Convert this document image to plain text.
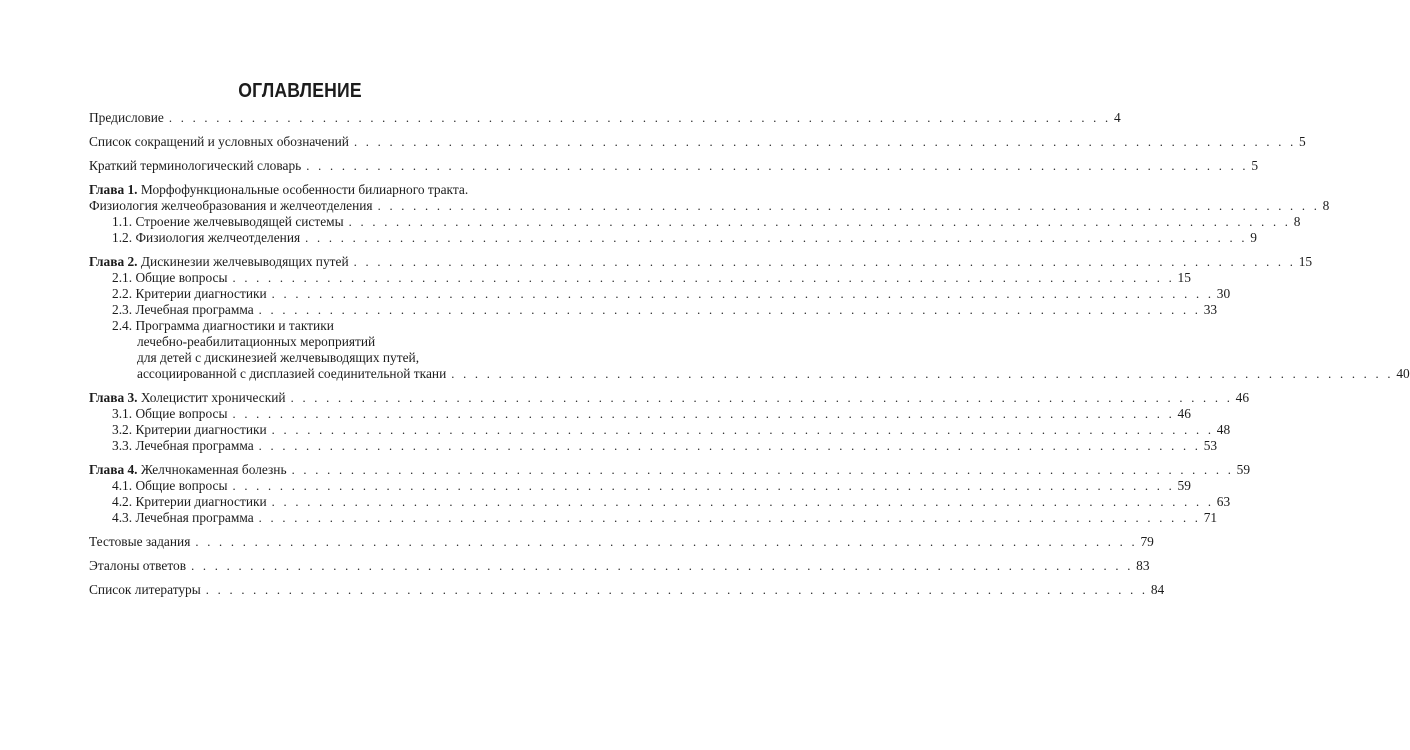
ОГЛАВЛЕНИЕ
Предисловие . . . . . . . . . . . . . . . . . . . . . . . . . . . . . . . . . . . . . . . . . . . . . . . . . . . . . . . . . . . . . . . . . . . . . . . . . . . . . . . . 4
Список сокращений и условных обозначений . . . . . . . . . . . . . . . . . . . . . . . . . . . . . . . . . . . . . . . . . . . . . . . . . . . . . . . . . . . . . . . . . . . . . . . . . . . . . . . . 5
Краткий терминологический словарь . . . . . . . . . . . . . . . . . . . . . . . . . . . . . . . . . . . . . . . . . . . . . . . . . . . . . . . . . . . . . . . . . . . . . . . . . . . . . . . . 5
Глава 1. Морфофункциональные особенности билиарного тракта.
Физиология желчеобразования и желчеотделения . . . . . . . . . . . . . . . . . . . . . . . . . . . . . . . . . . . . . . . . . . . . . . . . . . . . . . . . . . . . . . . . . . . . . . . . . . . . . . . . 8
1.1. Строение желчевыводящей системы . . . . . . . . . . . . . . . . . . . . . . . . . . . . . . . . . . . . . . . . . . . . . . . . . . . . . . . . . . . . . . . . . . . . . . . . . . . . . . . . 8
1.2. Физиология желчеотделения . . . . . . . . . . . . . . . . . . . . . . . . . . . . . . . . . . . . . . . . . . . . . . . . . . . . . . . . . . . . . . . . . . . . . . . . . . . . . . . . 9
Глава 2. Дискинезии желчевыводящих путей . . . . . . . . . . . . . . . . . . . . . . . . . . . . . . . . . . . . . . . . . . . . . . . . . . . . . . . . . . . . . . . . . . . . . . . . . . . . . . . . 15
2.1. Общие вопросы . . . . . . . . . . . . . . . . . . . . . . . . . . . . . . . . . . . . . . . . . . . . . . . . . . . . . . . . . . . . . . . . . . . . . . . . . . . . . . . . 15
2.2. Критерии диагностики . . . . . . . . . . . . . . . . . . . . . . . . . . . . . . . . . . . . . . . . . . . . . . . . . . . . . . . . . . . . . . . . . . . . . . . . . . . . . . . . 30
2.3. Лечебная программа . . . . . . . . . . . . . . . . . . . . . . . . . . . . . . . . . . . . . . . . . . . . . . . . . . . . . . . . . . . . . . . . . . . . . . . . . . . . . . . . 33
2.4. Программа диагностики и тактики
лечебно-реабилитационных мероприятий
для детей с дискинезией желчевыводящих путей,
ассоциированной с дисплазией соединительной ткани . . . . . . . . . . . . . . . . . . . . . . . . . . . . . . . . . . . . . . . . . . . . . . . . . . . . . . . . . . . . . . . . . . . . . . . . . . . . . . . . 40
Глава 3. Холецистит хронический . . . . . . . . . . . . . . . . . . . . . . . . . . . . . . . . . . . . . . . . . . . . . . . . . . . . . . . . . . . . . . . . . . . . . . . . . . . . . . . . 46
3.1. Общие вопросы . . . . . . . . . . . . . . . . . . . . . . . . . . . . . . . . . . . . . . . . . . . . . . . . . . . . . . . . . . . . . . . . . . . . . . . . . . . . . . . . 46
3.2. Критерии диагностики . . . . . . . . . . . . . . . . . . . . . . . . . . . . . . . . . . . . . . . . . . . . . . . . . . . . . . . . . . . . . . . . . . . . . . . . . . . . . . . . 48
3.3. Лечебная программа . . . . . . . . . . . . . . . . . . . . . . . . . . . . . . . . . . . . . . . . . . . . . . . . . . . . . . . . . . . . . . . . . . . . . . . . . . . . . . . . 53
Глава 4. Желчнокаменная болезнь . . . . . . . . . . . . . . . . . . . . . . . . . . . . . . . . . . . . . . . . . . . . . . . . . . . . . . . . . . . . . . . . . . . . . . . . . . . . . . . . 59
4.1. Общие вопросы . . . . . . . . . . . . . . . . . . . . . . . . . . . . . . . . . . . . . . . . . . . . . . . . . . . . . . . . . . . . . . . . . . . . . . . . . . . . . . . . 59
4.2. Критерии диагностики . . . . . . . . . . . . . . . . . . . . . . . . . . . . . . . . . . . . . . . . . . . . . . . . . . . . . . . . . . . . . . . . . . . . . . . . . . . . . . . . 63
4.3. Лечебная программа . . . . . . . . . . . . . . . . . . . . . . . . . . . . . . . . . . . . . . . . . . . . . . . . . . . . . . . . . . . . . . . . . . . . . . . . . . . . . . . . 71
Тестовые задания . . . . . . . . . . . . . . . . . . . . . . . . . . . . . . . . . . . . . . . . . . . . . . . . . . . . . . . . . . . . . . . . . . . . . . . . . . . . . . . . 79
Эталоны ответов . . . . . . . . . . . . . . . . . . . . . . . . . . . . . . . . . . . . . . . . . . . . . . . . . . . . . . . . . . . . . . . . . . . . . . . . . . . . . . . . 83
Список литературы . . . . . . . . . . . . . . . . . . . . . . . . . . . . . . . . . . . . . . . . . . . . . . . . . . . . . . . . . . . . . . . . . . . . . . . . . . . . . . . . 84
